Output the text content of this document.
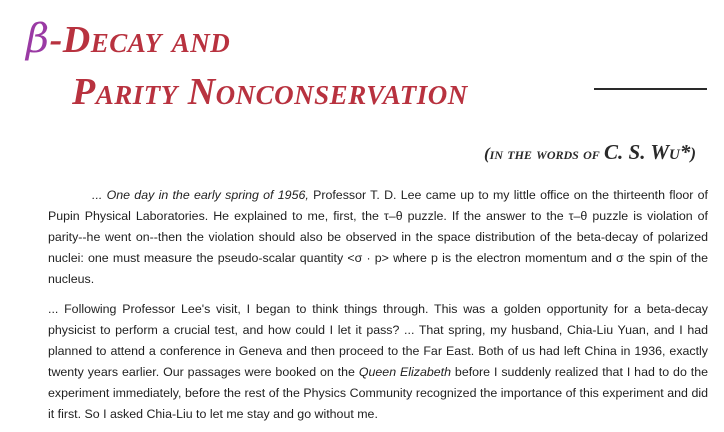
β-Decay and
Parity Nonconservation
(in the words of C. S. Wu*)
... One day in the early spring of 1956, Professor T. D. Lee came up to my little office on the thirteenth floor of Pupin Physical Laboratories. He explained to me, first, the τ–θ puzzle. If the answer to the τ–θ puzzle is violation of parity--he went on--then the violation should also be observed in the space distribution of the beta-decay of polarized nuclei: one must measure the pseudo-scalar quantity <σ · p> where p is the electron momentum and σ the spin of the nucleus.
... Following Professor Lee's visit, I began to think things through. This was a golden opportunity for a beta-decay physicist to perform a crucial test, and how could I let it pass? ... That spring, my husband, Chia-Liu Yuan, and I had planned to attend a conference in Geneva and then proceed to the Far East. Both of us had left China in 1936, exactly twenty years earlier. Our passages were booked on the Queen Elizabeth before I suddenly realized that I had to do the experiment immediately, before the rest of the Physics Community recognized the importance of this experiment and did it first. So I asked Chia-Liu to let me stay and go without me.
